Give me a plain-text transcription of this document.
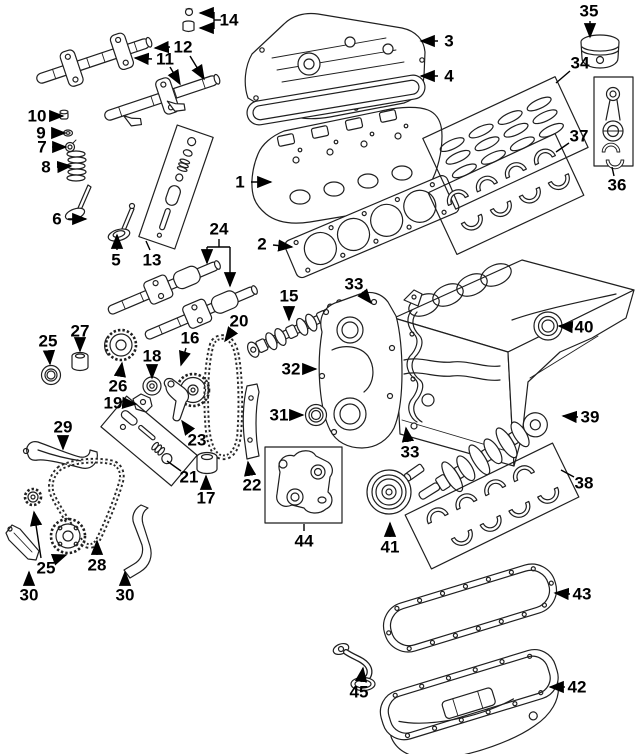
1
2
3
4
5
6
7
8
9
10
11
12
13
14
15
16
17
18
19
20
21	22
23
24
25
25
26
27
28
29
30	30
31
32
33
33
34
35
36
37
38
39
40
41
42
43
44
45
